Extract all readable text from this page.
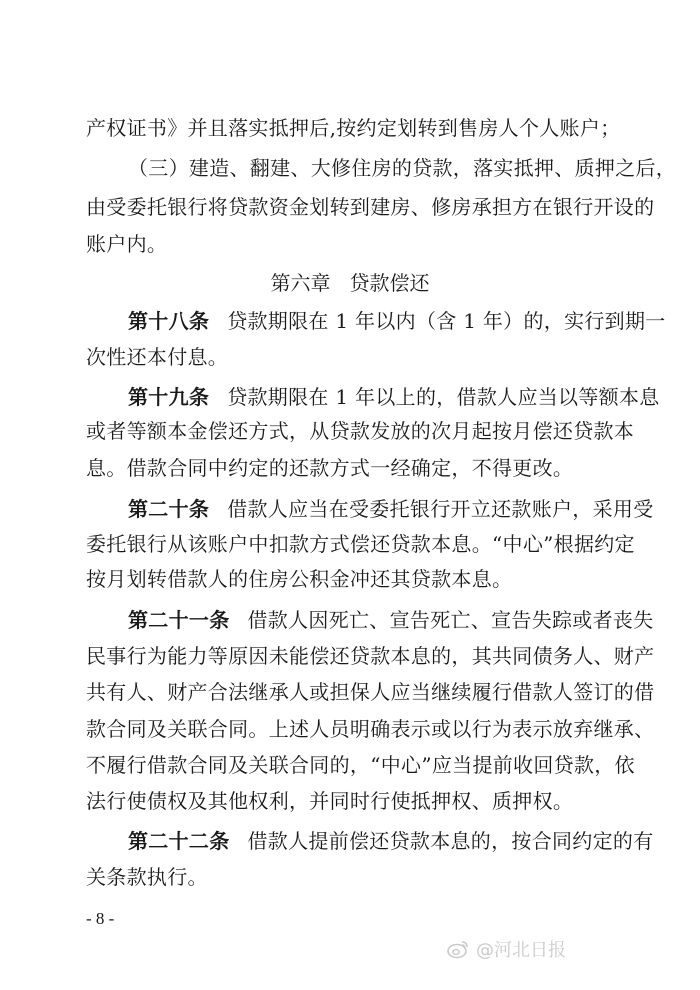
产权证书》并且落实抵押后,按约定划转到售房人个人账户；
（三）建造、翻建、大修住房的贷款，落实抵押、质押之后，
由受委托银行将贷款资金划转到建房、修房承担方在银行开设的
账户内。
第六章   贷款偿还
第十八条 贷款期限在 1 年以内（含 1 年）的，实行到期一
次性还本付息。
第十九条 贷款期限在 1 年以上的，借款人应当以等额本息
或者等额本金偿还方式，从贷款发放的次月起按月偿还贷款本
息。借款合同中约定的还款方式一经确定，不得更改。
第二十条 借款人应当在受委托银行开立还款账户，采用受
委托银行从该账户中扣款方式偿还贷款本息。“中心”根据约定
按月划转借款人的住房公积金冲还其贷款本息。
第二十一条 借款人因死亡、宣告死亡、宣告失踪或者丧失
民事行为能力等原因未能偿还贷款本息的，其共同债务人、财产
共有人、财产合法继承人或担保人应当继续履行借款人签订的借
款合同及关联合同。上述人员明确表示或以行为表示放弃继承、
不履行借款合同及关联合同的，“中心”应当提前收回贷款，依
法行使债权及其他权利，并同时行使抵押权、质押权。
第二十二条 借款人提前偿还贷款本息的，按合同约定的有
关条款执行。
- 8 -
@河北日报
